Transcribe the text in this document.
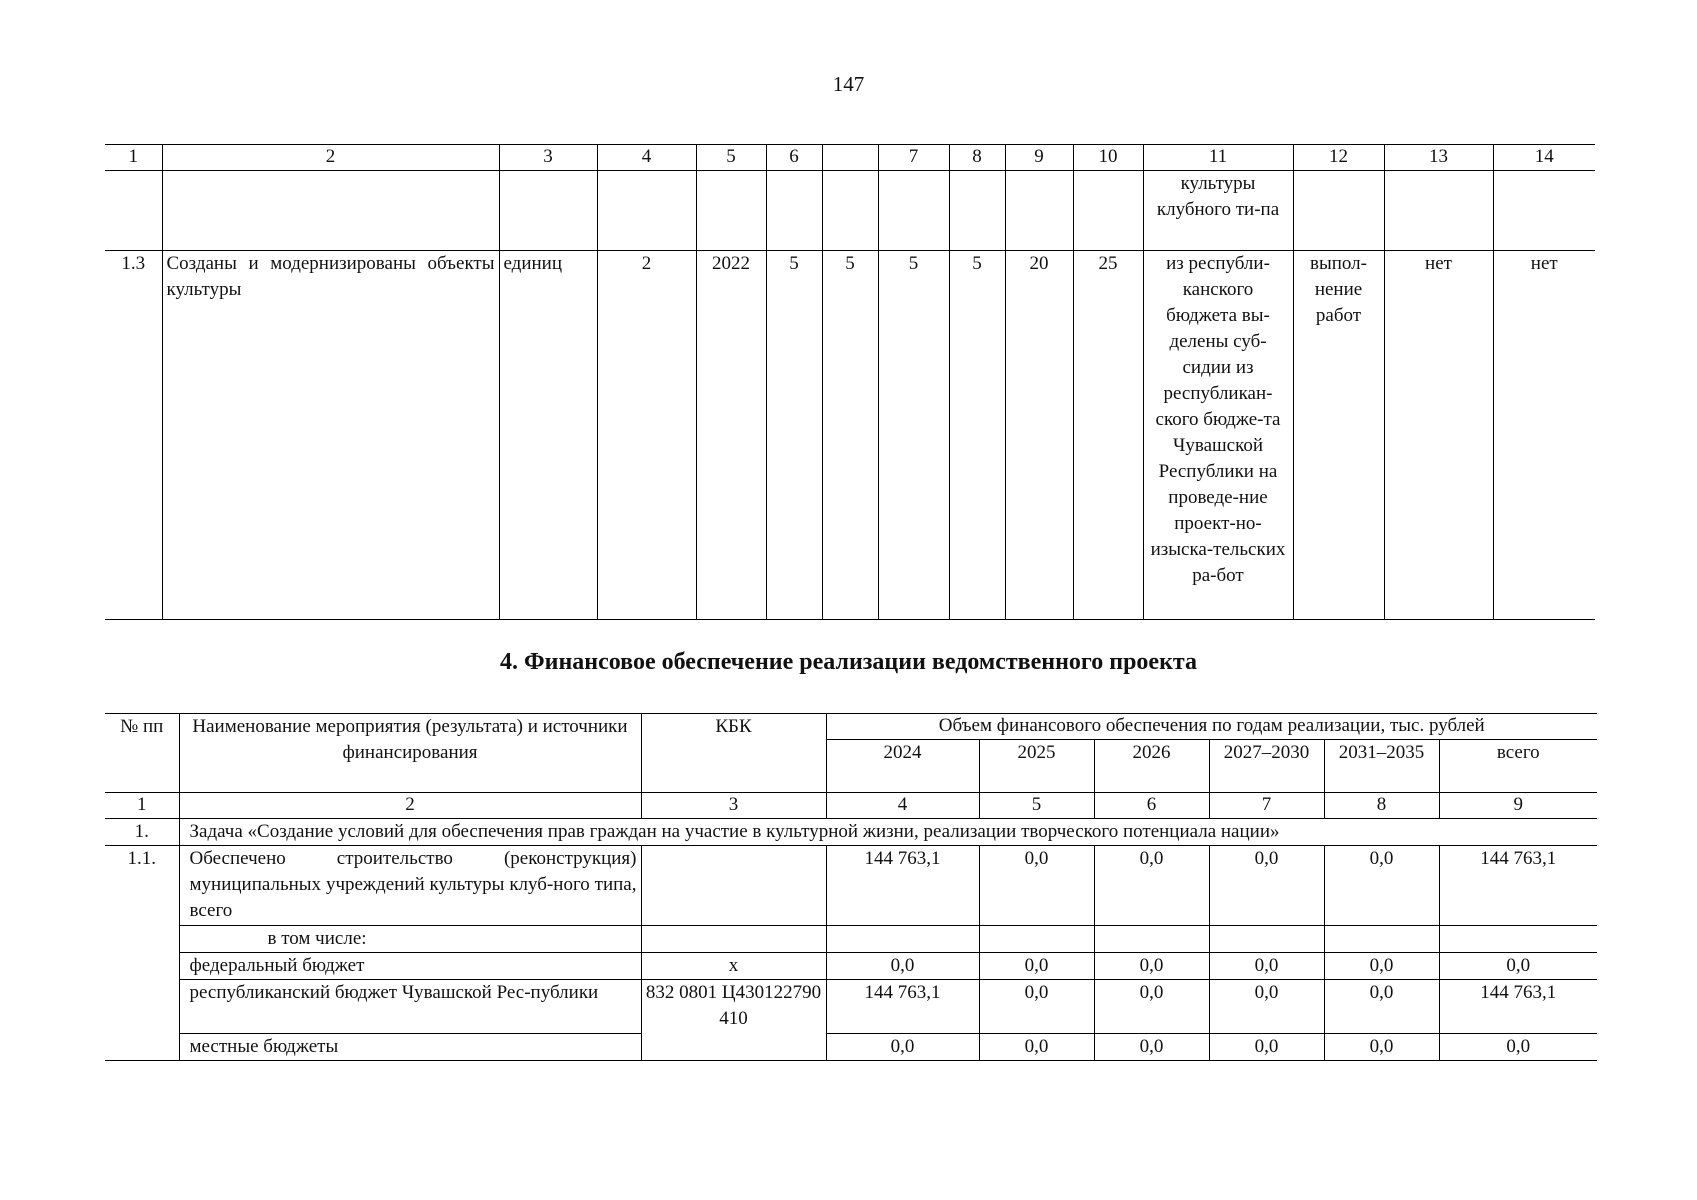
147
1	2	3	4	5	6		7	8	9	10	11	12	13	14
											культуры клубного ти-па			
1.3	Созданы и модернизированы объекты культуры	единиц	2	2022	5	5	5	5	20	25	из республи-канского бюджета вы-делены суб-сидии из республикан-ского бюдже-та Чувашской Республики на проведе-ние проект-но-изыска-тельских ра-бот	выпол-нение работ	нет	нет
4. Финансовое обеспечение реализации ведомственного проекта
№ пп	Наименование мероприятия (результата) и источники финансирования	КБК	Объем финансового обеспечения по годам реализации, тыс. рублей					
			2024	2025	2026	2027–2030	2031–2035	всего
1	2	3	4	5	6	7	8	9
1.	Задача «Создание условий для обеспечения прав граждан на участие в культурной жизни, реализации творческого потенциала нации»							
1.1.	Обеспечено строительство (реконструкция) муниципальных учреждений культуры клуб-ного типа, всего		144 763,1	0,0	0,0	0,0	0,0	144 763,1
	в том числе:							
	федеральный бюджет	х	0,0	0,0	0,0	0,0	0,0	0,0
	республиканский бюджет Чувашской Рес-публики	832 0801 Ц430122790 410	144 763,1	0,0	0,0	0,0	0,0	144 763,1
	местные бюджеты		0,0	0,0	0,0	0,0	0,0	0,0
